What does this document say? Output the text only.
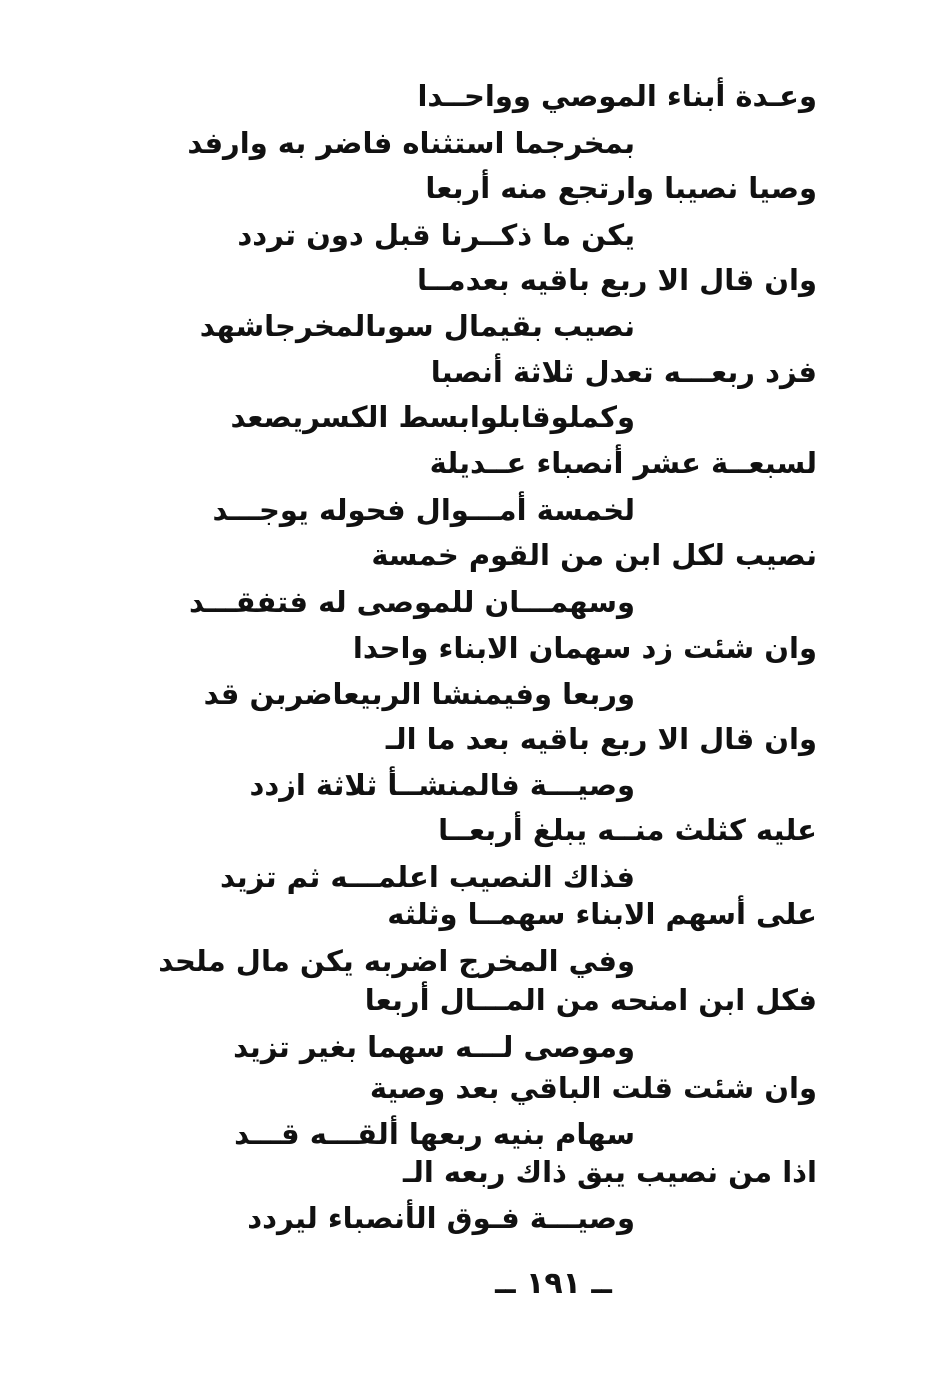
وعـدة أبناء الموصي وواحــدا

بمخرجما استثناه فاضر به وارفد

وصيا نصيبا وارتجع منه أربعا

يكن ما ذكــرنا قبل دون تردد

وان قال الا ربع باقيه بعدمــا

نصيب بقيمال سوىالمخرجاشهد

فزد ربعـــه تعدل ثلاثة أنصبا

وكملوقابلوابسط الكسريصعد

لسبعــة عشر أنصباء عــديلة

لخمسة أمـــوال فحوله يوجـــد

نصيب لكل ابن من القوم خمسة

وسهمـــان للموصى له فتفقـــد

وان شئت زد سهمان الابناء واحدا

وربعا وفيمنشا الربيعاضربن قد

وان قال الا ربع باقيه بعد ما الـ

وصيـــة فالمنشــأ ثلاثة ازدد

عليه كثلث منــه يبلغ أربعــا

فذاك النصيب اعلمـــه ثم تزيد

على أسهم الابناء سهمــا وثلثه

وفي المخرج اضربه يكن مال ملحد

فكل ابن امنحه من المـــال أربعا

وموصى لـــه سهما بغير تزيد

وان شئت قلت الباقي بعد وصية

سهام بنيه ربعها ألقـــه قـــد

اذا من نصيب يبق ذاك ربعه الـ

وصيـــة فـوق الأنصباء ليردد

ــ ١٩١ ــ
